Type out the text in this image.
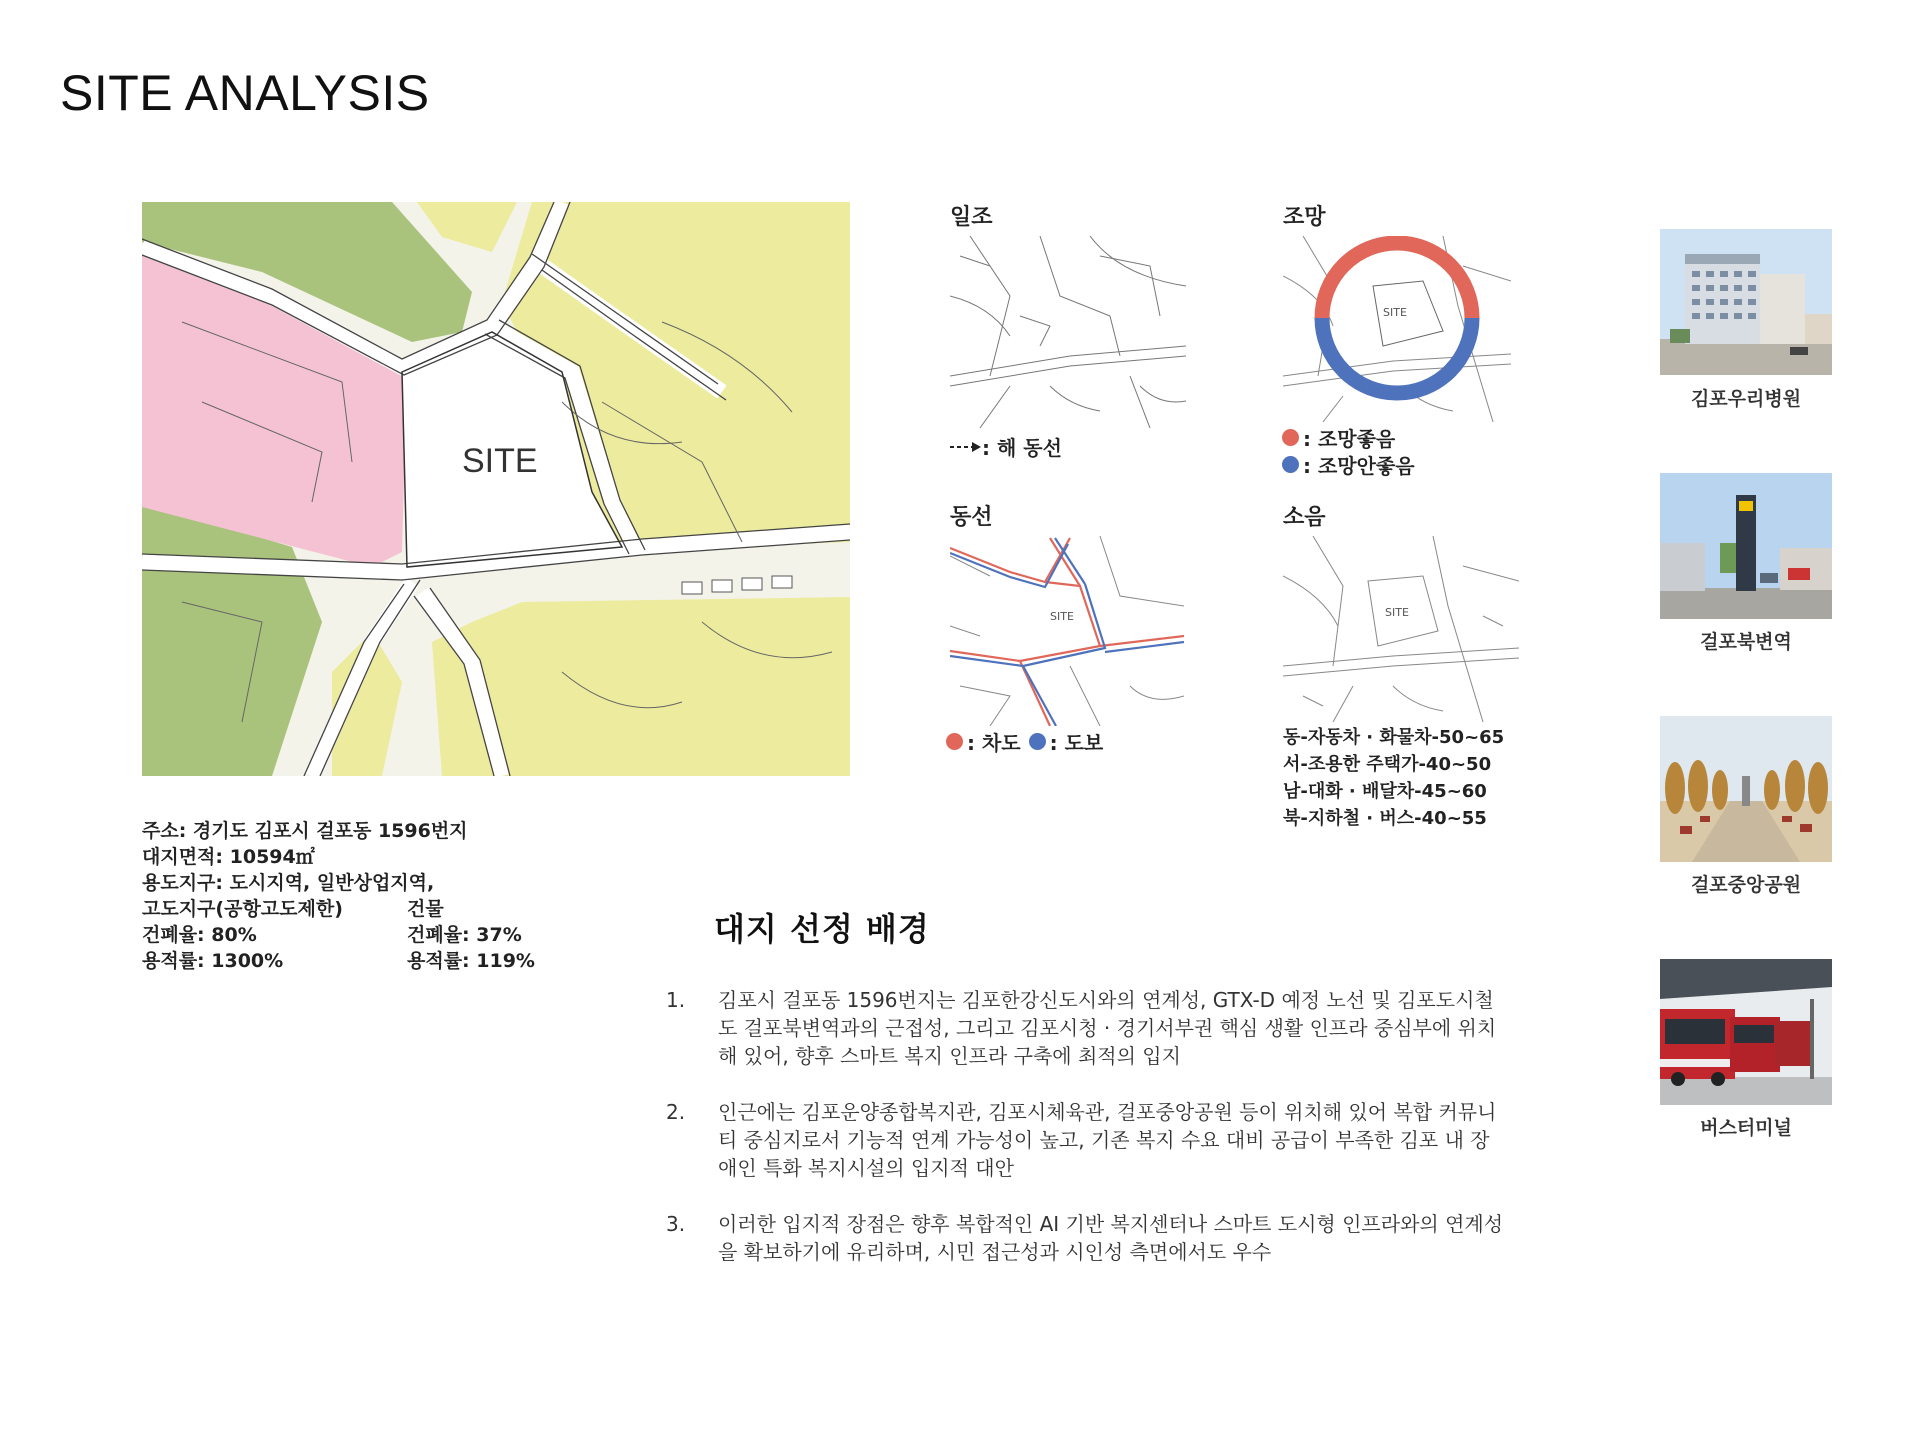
SITE ANALYSIS
SITE
주소: 경기도 김포시 걸포동 1596번지
대지면적: 10594㎡
용도지구: 도시지역, 일반상업지역,
고도지구(공항고도제한)	건물
건폐율: 80%	건폐율: 37%
용적률: 1300%	용적률: 119%
일조
: 해 동선
조망
SITE
: 조망좋음
: 조망안좋음
동선
SITE
: 차도 : 도보
소음
SITE
동-자동차 · 화물차-50~65
서-조용한 주택가-40~50
남-대화 · 배달차-45~60
북-지하철 · 버스-40~55
대지 선정 배경
1. 김포시 걸포동 1596번지는 김포한강신도시와의 연계성, GTX-D 예정 노선 및 김포도시철도 걸포북변역과의 근접성, 그리고 김포시청 · 경기서부권 핵심 생활 인프라 중심부에 위치해 있어, 향후 스마트 복지 인프라 구축에 최적의 입지
2. 인근에는 김포운양종합복지관, 김포시체육관, 걸포중앙공원 등이 위치해 있어 복합 커뮤니티 중심지로서 기능적 연계 가능성이 높고, 기존 복지 수요 대비 공급이 부족한 김포 내 장애인 특화 복지시설의 입지적 대안
3. 이러한 입지적 장점은 향후 복합적인 AI 기반 복지센터나 스마트 도시형 인프라와의 연계성을 확보하기에 유리하며, 시민 접근성과 시인성 측면에서도 우수
김포우리병원
걸포북변역
걸포중앙공원
버스터미널
